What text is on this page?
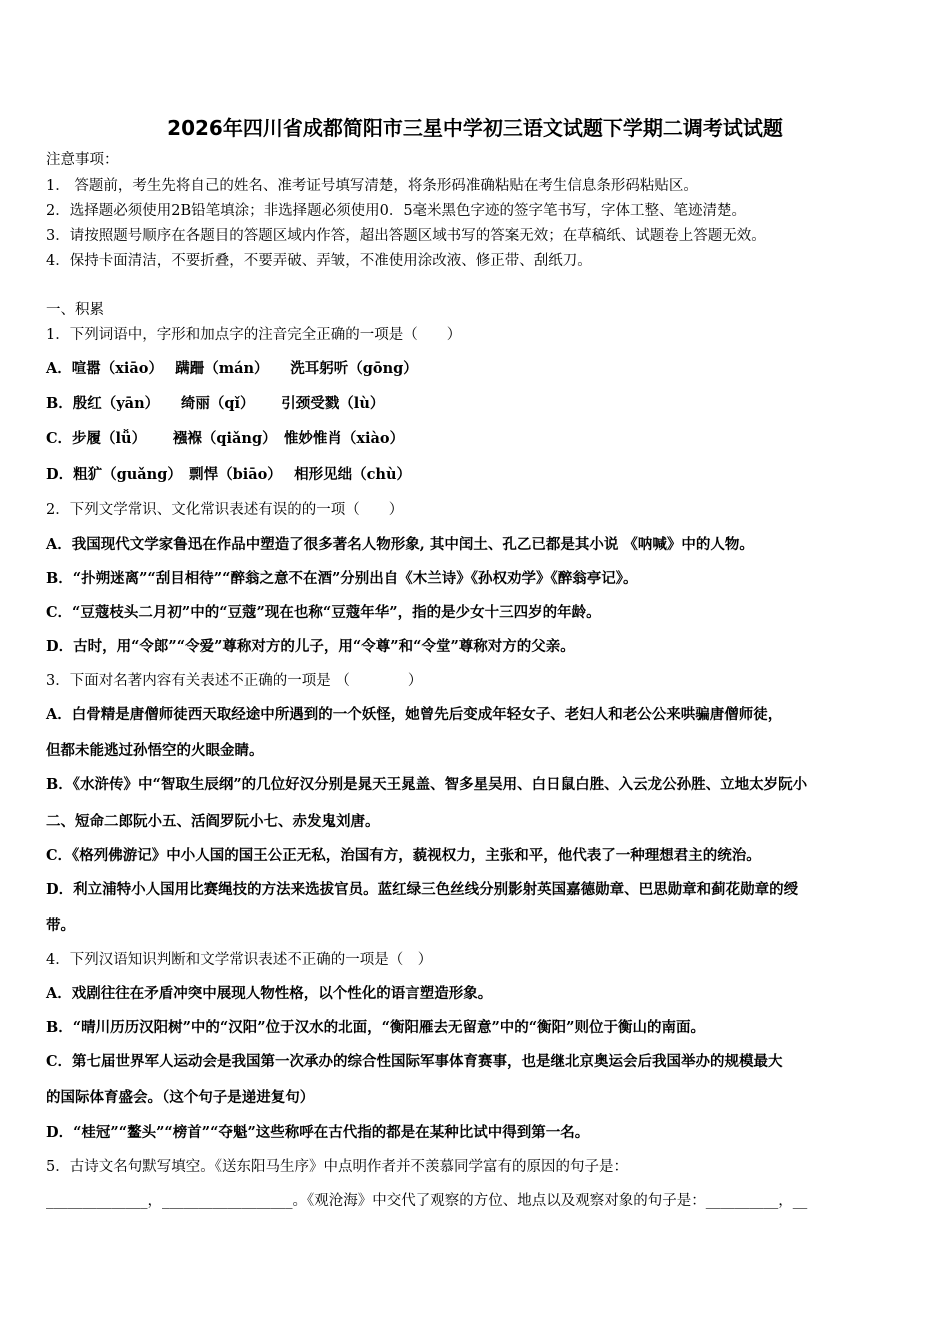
2026年四川省成都简阳市三星中学初三语文试题下学期二调考试试题
注意事项：
1． 答题前，考生先将自己的姓名、准考证号填写清楚，将条形码准确粘贴在考生信息条形码粘贴区。
2．选择题必须使用2B铅笔填涂；非选择题必须使用0．5毫米黑色字迹的签字笔书写，字体工整、笔迹清楚。
3．请按照题号顺序在各题目的答题区域内作答，超出答题区域书写的答案无效；在草稿纸、试题卷上答题无效。
4．保持卡面清洁，不要折叠，不要弄破、弄皱，不准使用涂改液、修正带、刮纸刀。
一、积累
1．下列词语中，字形和加点字的注音完全正确的一项是（　　）
A．喧嚣（xiāo）　 蹒跚（mán）　　洗耳躬听（gōng）
B．殷红（yān）　　绮丽（qǐ）　　 引颈受戮（lù）
C．步履（lǚ）　　 襁褓（qiǎng）　惟妙惟肖（xiào）
D．粗犷（guǎng）　剽悍（biāo）　 相形见绌（chù）
2．下列文学常识、文化常识表述有误的的一项（　　）
A．我国现代文学家鲁迅在作品中塑造了很多著名人物形象, 其中闰土、孔乙已都是其小说 《呐喊》中的人物。
B．“扑朔迷离”“刮目相待”“醉翁之意不在酒”分别出自《木兰诗》《孙权劝学》《醉翁亭记》。
C．“豆蔻枝头二月初”中的“豆蔻”现在也称“豆蔻年华”，指的是少女十三四岁的年龄。
D．古时，用“令郎”“令爱”尊称对方的儿子，用“令尊”和“令堂”尊称对方的父亲。
3．下面对名著内容有关表述不正确的一项是 （　　　　）
A．白骨精是唐僧师徒西天取经途中所遇到的一个妖怪，她曾先后变成年轻女子、老妇人和老公公来哄骗唐僧师徒，
但都未能逃过孙悟空的火眼金睛。
B．《水浒传》中“智取生辰纲”的几位好汉分别是晁天王晁盖、智多星吴用、白日鼠白胜、入云龙公孙胜、立地太岁阮小
二、短命二郎阮小五、活阎罗阮小七、赤发鬼刘唐。
C．《格列佛游记》中小人国的国王公正无私，治国有方，藐视权力，主张和平，他代表了一种理想君主的统治。
D．利立浦特小人国用比赛绳技的方法来选拔官员。蓝红绿三色丝线分别影射英国嘉德勋章、巴思勋章和蓟花勋章的绶
带。
4．下列汉语知识判断和文学常识表述不正确的一项是（　）
A．戏剧往往在矛盾冲突中展现人物性格，以个性化的语言塑造形象。
B．“晴川历历汉阳树”中的“汉阳”位于汉水的北面，“衡阳雁去无留意”中的“衡阳”则位于衡山的南面。
C．第七届世界军人运动会是我国第一次承办的综合性国际军事体育赛事，也是继北京奥运会后我国举办的规模最大
的国际体育盛会。（这个句子是递进复句）
D．“桂冠”“鳌头”“榜首”“夺魁”这些称呼在古代指的都是在某种比试中得到第一名。
5．古诗文名句默写填空。《送东阳马生序》中点明作者并不羡慕同学富有的原因的句子是：
______________，__________________。《观沧海》中交代了观察的方位、地点以及观察对象的句子是：__________，__
